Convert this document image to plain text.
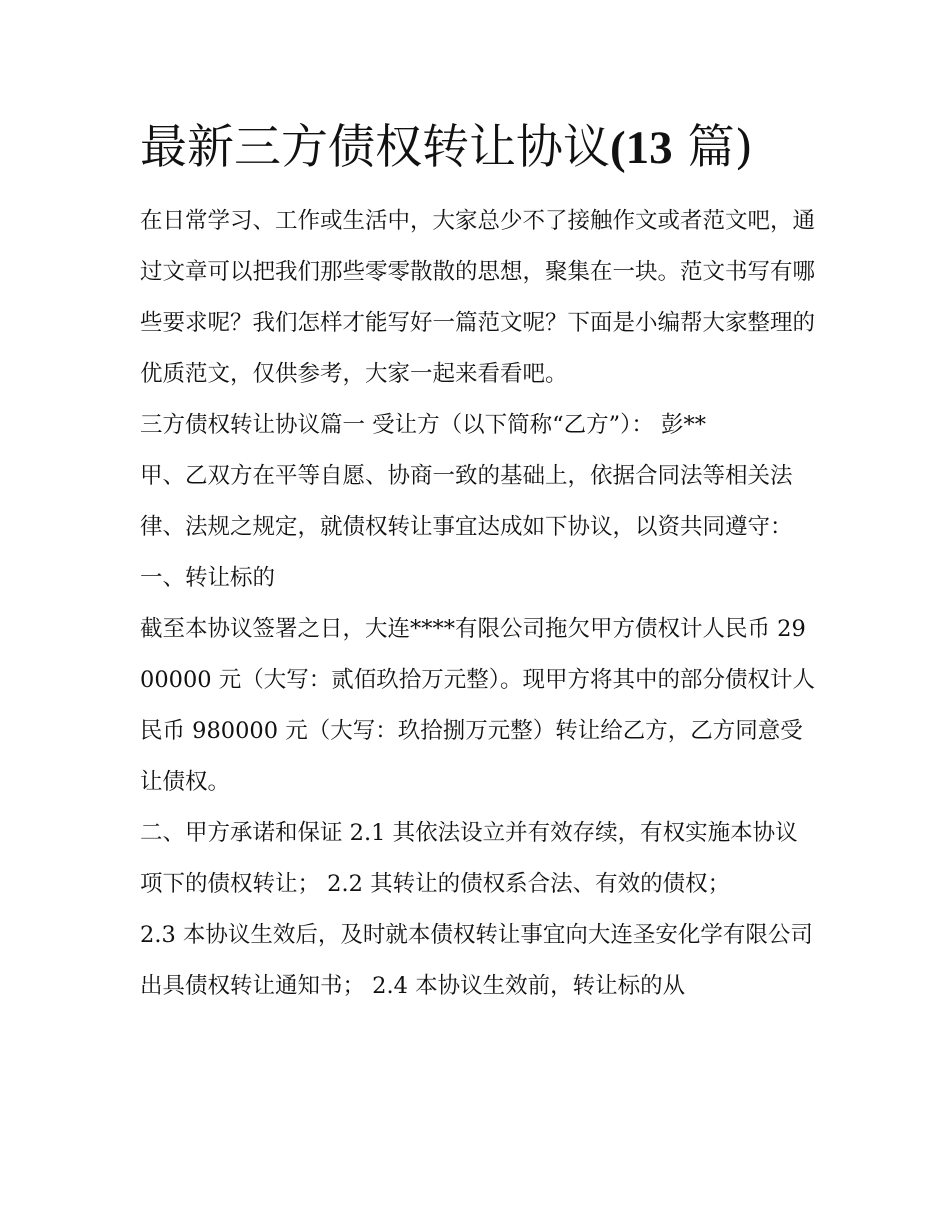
最新三方债权转让协议(13 篇)

在日常学习、工作或生活中，大家总少不了接触作文或者范文吧，通过文章可以把我们那些零零散散的思想，聚集在一块。范文书写有哪些要求呢？我们怎样才能写好一篇范文呢？下面是小编帮大家整理的优质范文，仅供参考，大家一起来看看吧。

三方债权转让协议篇一 受让方（以下简称“乙方”）： 彭**

甲、乙双方在平等自愿、协商一致的基础上，依据合同法等相关法律、法规之规定，就债权转让事宜达成如下协议，以资共同遵守： 一、转让标的

截至本协议签署之日，大连****有限公司拖欠甲方债权计人民币 2900000 元（大写：贰佰玖拾万元整）。现甲方将其中的部分债权计人民币 980000 元（大写：玖拾捌万元整）转让给乙方，乙方同意受让债权。

二、甲方承诺和保证 2.1 其依法设立并有效存续，有权实施本协议项下的债权转让； 2.2 其转让的债权系合法、有效的债权；

2.3 本协议生效后，及时就本债权转让事宜向大连圣安化学有限公司出具债权转让通知书； 2.4 本协议生效前，转让标的从
